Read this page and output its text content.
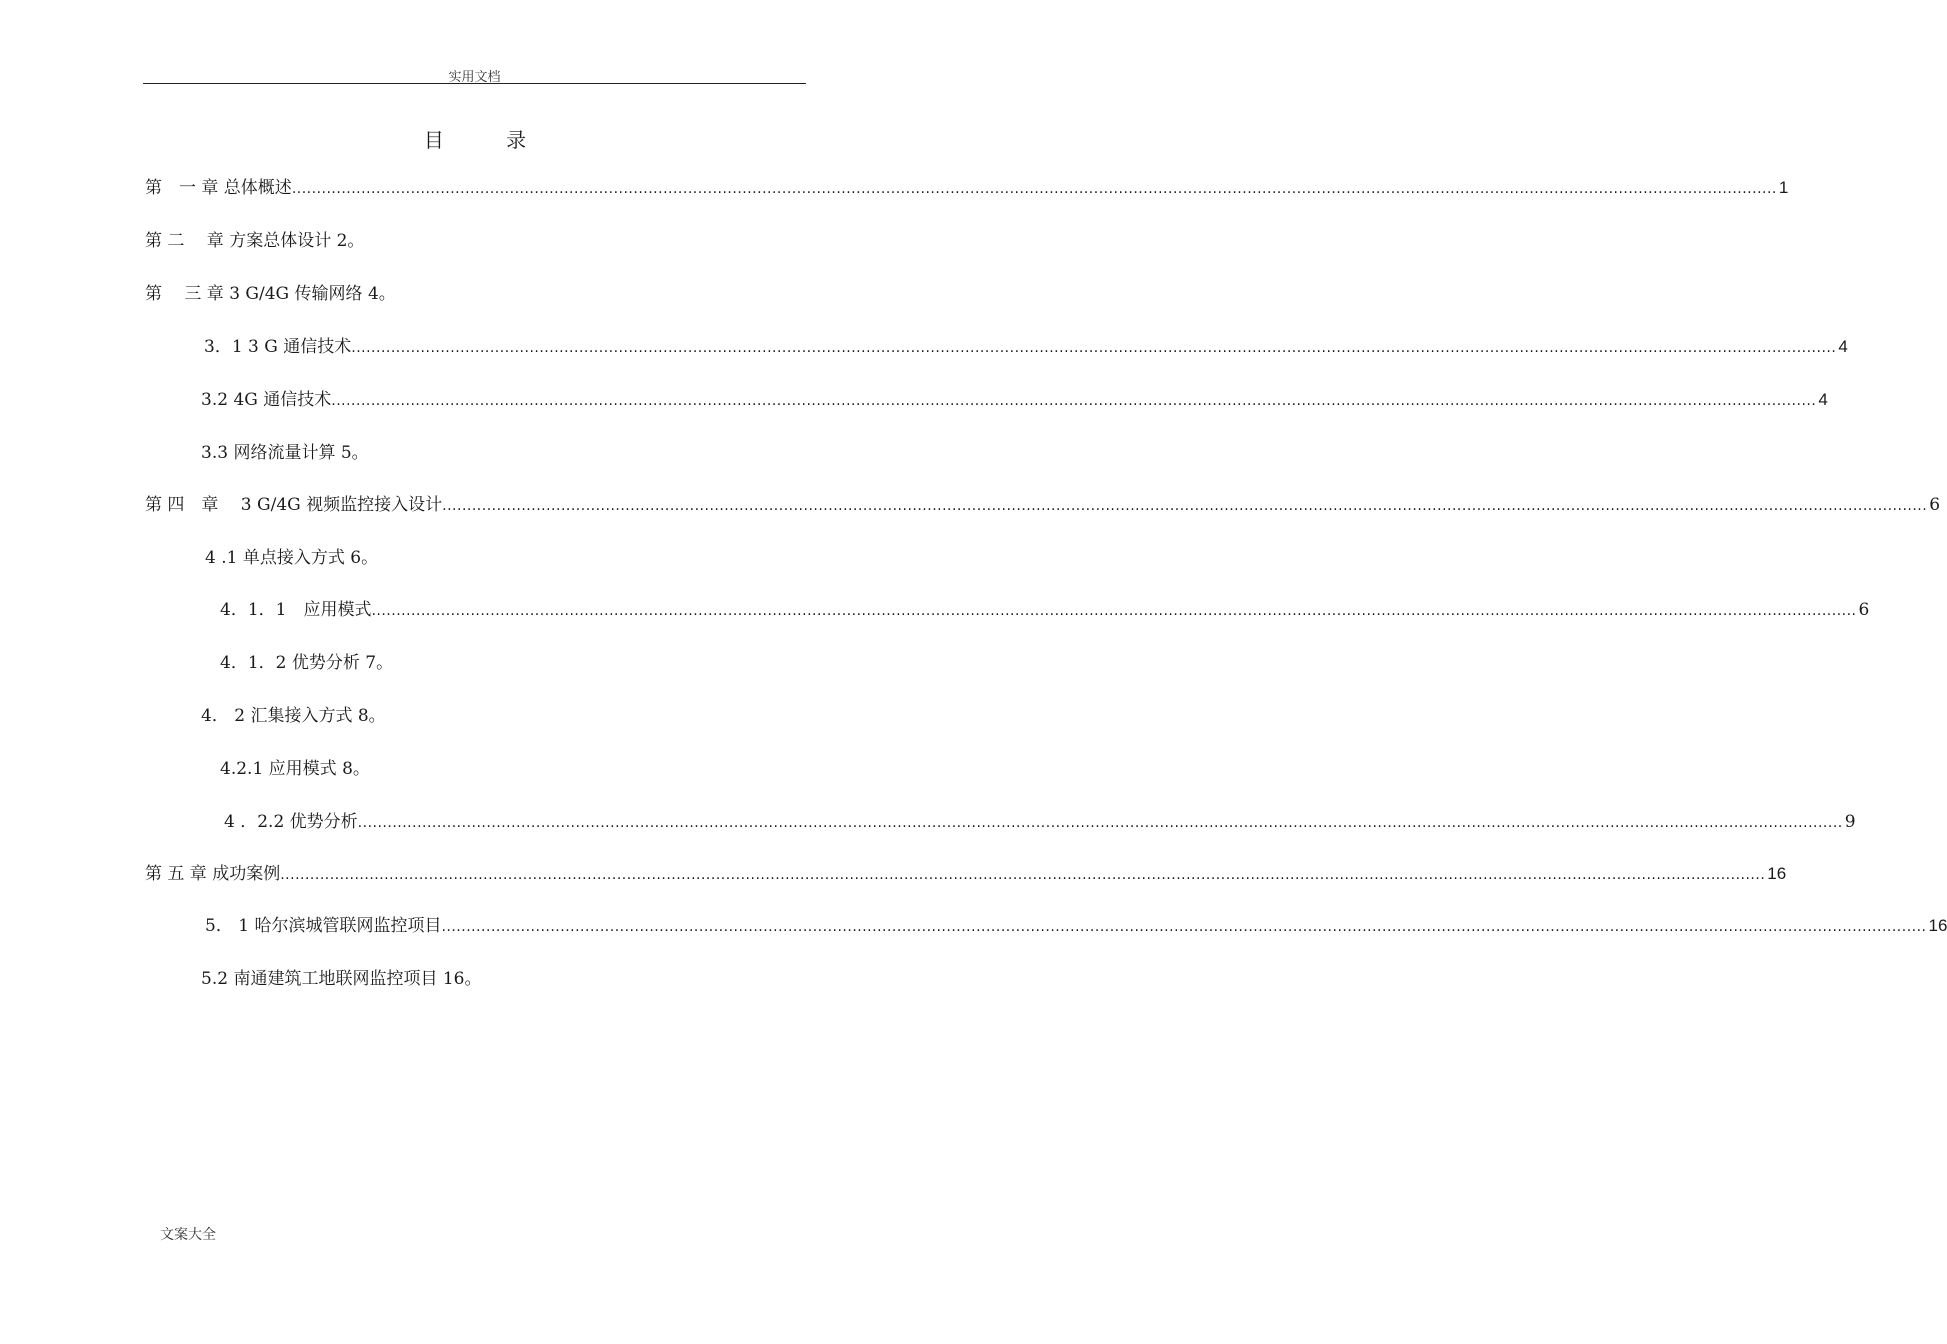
实用文档
目 录
第　一 章 总体概述 ............................................................................................................................................................................................................................................................................................................ 1
第 二　 章 方案总体设计 2。
第　 三 章 3 G/4G 传输网络 4。
3．1 3 G 通信技术 ............................................................................................................................................................................................................................................................................................................ 4
3.2 4G 通信技术 ............................................................................................................................................................................................................................................................................................................ 4
3.3 网络流量计算 5。
第 四　章　 3 G/4G 视频监控接入设计 ............................................................................................................................................................................................................................................................................................................ 6
4 .1 单点接入方式 6。
4．1．1　应用模式 ............................................................................................................................................................................................................................................................................................................ 6
4．1．2 优势分析 7。
4． 2 汇集接入方式 8。
4.2.1 应用模式 8。
4 ．2.2 优势分析 ............................................................................................................................................................................................................................................................................................................ 9
第 五 章 成功案例 ............................................................................................................................................................................................................................................................................................................ 16
5． 1 哈尔滨城管联网监控项目 ............................................................................................................................................................................................................................................................................................................ 16
5.2 南通建筑工地联网监控项目 16。
文案大全
